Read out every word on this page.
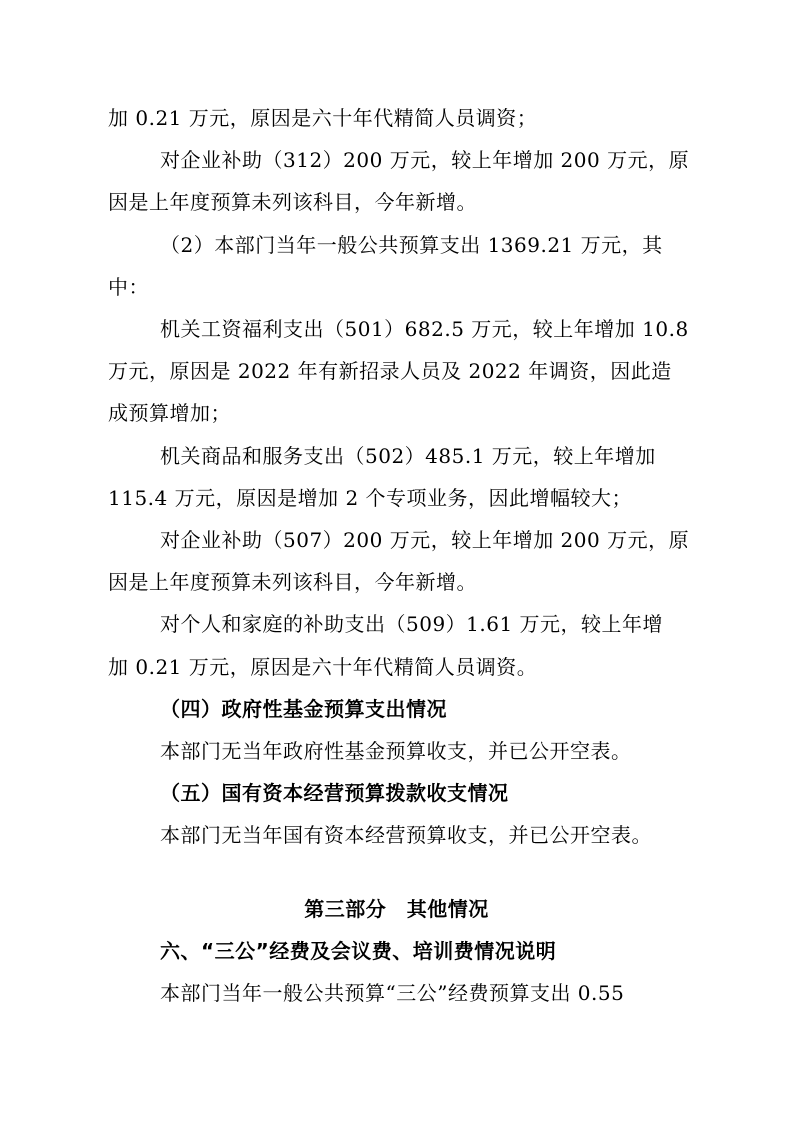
加 0.21 万元，原因是六十年代精简人员调资；
对企业补助（312）200 万元，较上年增加 200 万元，原
因是上年度预算未列该科目，今年新增。
（2）本部门当年一般公共预算支出 1369.21 万元，其
中：
机关工资福利支出（501）682.5 万元，较上年增加 10.8
万元，原因是 2022 年有新招录人员及 2022 年调资，因此造
成预算增加；
机关商品和服务支出（502）485.1 万元，较上年增加
115.4 万元，原因是增加 2 个专项业务，因此增幅较大；
对企业补助（507）200 万元，较上年增加 200 万元，原
因是上年度预算未列该科目，今年新增。
对个人和家庭的补助支出（509）1.61 万元，较上年增
加 0.21 万元，原因是六十年代精简人员调资。
（四）政府性基金预算支出情况
本部门无当年政府性基金预算收支，并已公开空表。
（五）国有资本经营预算拨款收支情况
本部门无当年国有资本经营预算收支，并已公开空表。
第三部分　其他情况
六、“三公”经费及会议费、培训费情况说明
本部门当年一般公共预算“三公”经费预算支出 0.55
